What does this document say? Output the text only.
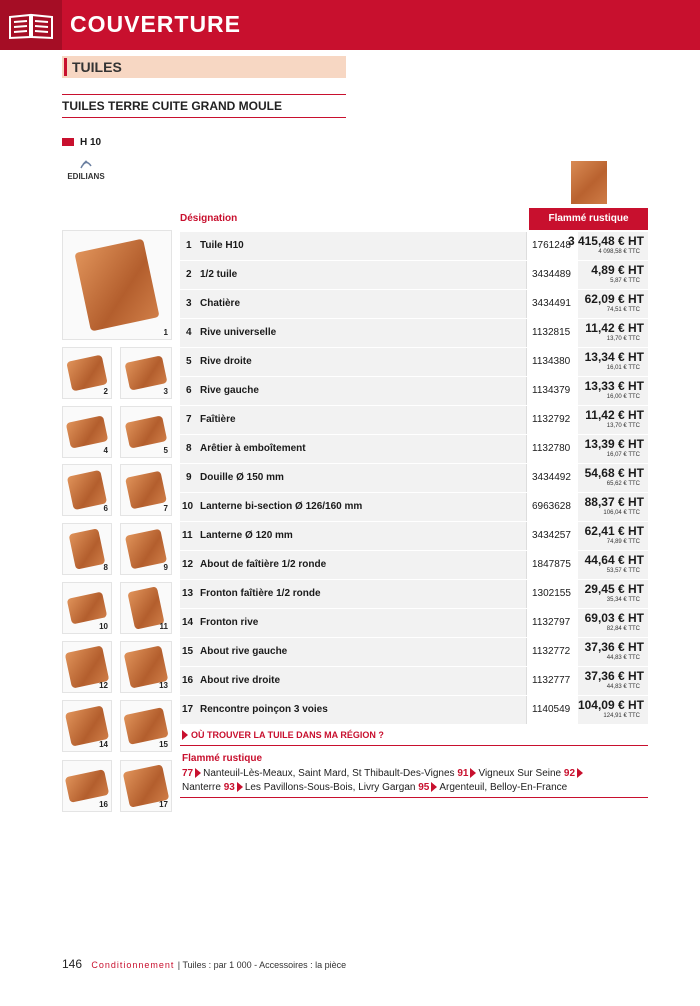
COUVERTURE
TUILES
TUILES TERRE CUITE GRAND MOULE
H 10
EDILIANS
Désignation	Flammé rustique
1 Tuile H10	1761248
3 415,48 € HT
4 098,58 € TTC
2 1/2 tuile	3434489	4,89 € HT
5,87 € TTC
3 Chatière	3434491	62,09 € HT
74,51 € TTC
4 Rive universelle	1132815	11,42 € HT
13,70 € TTC
5 Rive droite	1134380	13,34 € HT
16,01 € TTC
6 Rive gauche	1134379	13,33 € HT
16,00 € TTC
7 Faîtière	1132792	11,42 € HT
13,70 € TTC
8 Arêtier à emboîtement	1132780	13,39 € HT
16,07 € TTC
9 Douille Ø 150 mm	3434492	54,68 € HT
65,62 € TTC
10 Lanterne bi-section Ø 126/160 mm	6963628	88,37 € HT
106,04 € TTC
11 Lanterne Ø 120 mm	3434257	62,41 € HT
74,89 € TTC
12 About de faîtière 1/2 ronde	1847875	44,64 € HT
53,57 € TTC
13 Fronton faîtière 1/2 ronde	1302155	29,45 € HT
35,34 € TTC
14 Fronton rive	1132797	69,03 € HT
82,84 € TTC
15 About rive gauche	1132772	37,36 € HT
44,83 € TTC
16 About rive droite	1132777	37,36 € HT
44,83 € TTC
17 Rencontre poinçon 3 voies	1140549 104,09 € HT
124,91 € TTC
1
2	3
4	5
6	7
8	9
10	11
12	13
14	15
16	17
OÙ TROUVER LA TUILE DANS MA RÉGION ?
Flammé rustique
77 Nanteuil-Lès-Meaux, Saint Mard, St Thibault-Des-Vignes 91 Vigneux Sur Seine 92
Nanterre 93 Les Pavillons-Sous-Bois, Livry Gargan 95 Argenteuil, Belloy-En-France
146 Conditionnement | Tuiles : par 1 000 - Accessoires : la pièce
